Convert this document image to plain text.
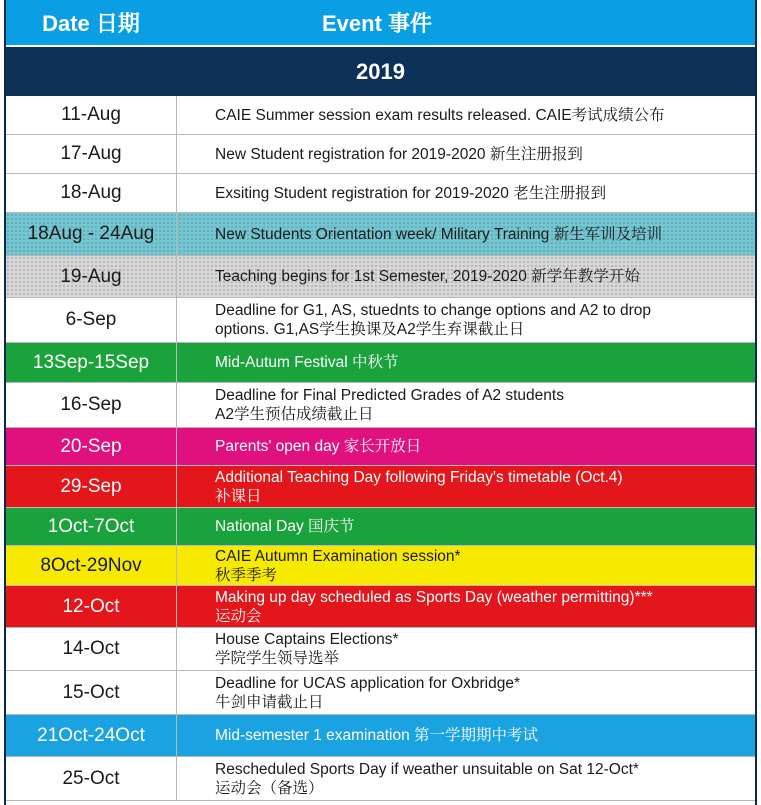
Date 日期	Event 事件
2019
11-Aug	CAIE Summer session exam results released. CAIE考试成绩公布
17-Aug	New Student registration for 2019-2020 新生注册报到
18-Aug	Exsiting Student registration for 2019-2020 老生注册报到
18Aug - 24Aug	New Students Orientation week/ Military Training 新生军训及培训
19-Aug	Teaching begins for 1st Semester, 2019-2020 新学年教学开始
6-Sep	Deadline for G1, AS, stuednts to change options and A2 to drop
options. G1,AS学生换课及A2学生弃课截止日
13Sep-15Sep	Mid-Autum Festival 中秋节
16-Sep	Deadline for Final Predicted Grades of A2 students
A2学生预估成绩截止日
20-Sep	Parents' open day 家长开放日
29-Sep	Additional Teaching Day following Friday's timetable (Oct.4)
补课日
1Oct-7Oct	National Day 国庆节
8Oct-29Nov	CAIE Autumn Examination session*
秋季季考
12-Oct	Making up day scheduled as Sports Day (weather permitting)***
运动会
14-Oct	House Captains Elections*
学院学生领导选举
15-Oct	Deadline for UCAS application for Oxbridge*
牛剑申请截止日
21Oct-24Oct	Mid-semester 1 examination 第一学期期中考试
25-Oct	Rescheduled Sports Day if weather unsuitable on Sat 12-Oct*
运动会（备选）
